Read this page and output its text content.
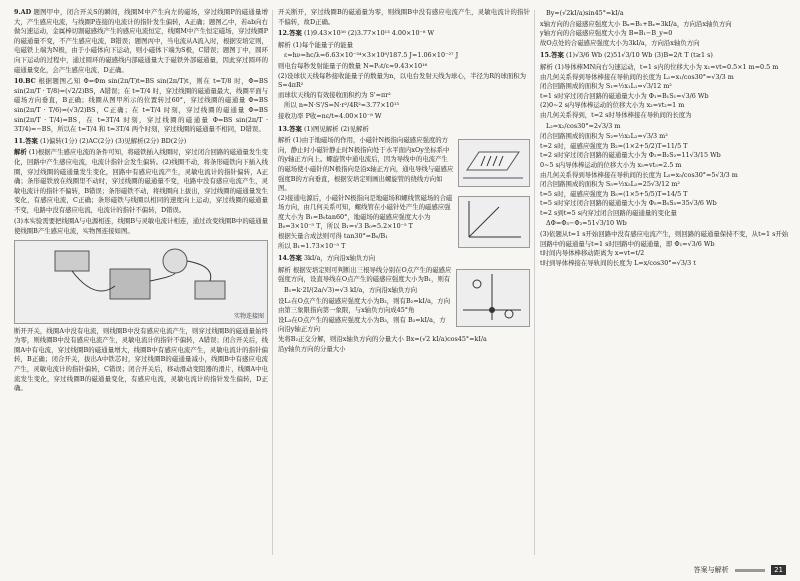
9.AD 题图甲中，闭合开关S的瞬间，线圈M中产生向左的磁场，穿过线圈P的磁通量增大，产生感应电流，与线圈P连接的电流计的指针发生偏转，A正确；题图乙中，若ab向右做匀速运动，金属棒切割磁感线产生的感应电流恒定，线圈M中产生恒定磁场，穿过线圈P的磁通量不变，不产生感应电流，B错误；题图丙中，当电流从A流入时，根据安培定则，电磁铁上端为N极，由于小磁体向下运动，则小磁体下端为S极，C错误；题图丁中，圆环向下运动的过程中，通过圆环的磁感线内部磁通量大于磁铁外部磁通量，因此穿过圆环的磁通量变化，会产生感应电流，D正确。

10.BC 根据题图乙知 Φ=Φm sin(2π/T)t=BS sin(2π/T)t，则在 t=T/8 时，Φ=BS sin(2π/T · T/8)=(√2/2)BS，A错误；在 t=T/4 时，穿过线圈的磁通量最大，线圈平面与磁场方向垂直，B正确；线圈从图甲所示的位置转过60°，穿过线圈的磁通量 Φ=BS sin(2π/T · T/6)=(√3/2)BS，C正确；在 t=T/4 时刻，穿过线圈的磁通量 Φ=BS sin(2π/T · T/4)=BS，在 t=3T/4 时刻，穿过线圈的磁通量 Φ=BS sin(2π/T · 3T/4)=−BS，所以在 t=T/4 和 t=3T/4 两个时刻，穿过线圈的磁通量不相同，D错误。

11.答案 (1)偏转(1分) (2)AC(2分) (3)见解析(2分) BD(2分)

解析 (1)根据产生感应电流的条件可知，将磁铁插入线圈时，穿过闭合回路的磁通量发生变化，回路中产生感应电流，电流计指针会发生偏转。(2)线圈不动，将条形磁铁向下插入线圈，穿过线圈的磁通量发生变化，回路中有感应电流产生，灵敏电流计的指针偏转，A正确；条形磁铁放在线圈里不动时，穿过线圈的磁通量不变，电路中没有感应电流产生，灵敏电流计的指针不偏转，B错误；条形磁铁不动，将线圈向上拔出，穿过线圈的磁通量发生变化，有感应电流，C正确；条形磁铁与线圈以相同的速度向上运动，穿过线圈的磁通量不变，电路中没有感应电流，电流计的指针不偏转，D错误。

(3)本实验需要把线圈A与电源相连，线圈B与灵敏电流计相连，通过改变线圈B中的磁通量使线圈B产生感应电流，实物图连接如图。

实物连接图

断开开关，线圈A中没有电流，则线圈B中没有感应电流产生，则穿过线圈B的磁通量始终为零，则线圈B中没有感应电流产生，灵敏电流计的指针不偏转，A错误；闭合开关后，线圈A中有电流，穿过线圈B的磁通量增大，线圈B中有感应电流产生，灵敏电流计的指针偏转，B正确；闭合开关，拔出A中铁芯时，穿过线圈B的磁通量减小，线圈B中有感应电流产生，灵敏电流计的指针偏转，C错误；闭合开关后，移动滑动变阻器的滑片，线圈A中电流发生变化，穿过线圈B的磁通量变化，有感应电流，灵敏电流计的指针发生偏转，D正确。

开关断开，穿过线圈B的磁通量为零，则线圈B中没有感应电流产生，灵敏电流计的指针不偏转，故D正确。

12.答案 (1)9.43×10¹⁶ (2)3.77×10¹³ 4.00×10⁻⁸ W

解析 (1)每个能量子的能量
ε=hν=hc/λ=6.63×10⁻³⁴×3×10⁸/187.5 J=1.06×10⁻²⁷ J
则电台每秒发射能量子的数量 N=P₀t/ε≈9.43×10¹⁶
(2)设球状天线每秒接收能量子的数量为n，以电台发射天线为球心，半径为R的球面积为 S=4πR²
而球状天线的有效接收面积约为 S'=πr²
所以 n=N·S'/S=N·r²/4R²≈3.77×10¹³
接收功率 P收=nε/t≈4.00×10⁻⁸ W

13.答案 (1)图见解析 (2)见解析

解析 (1)由于地磁场的作用，小磁针N极指向磁感应强度的方向，静止时小磁针静止时N极指向处于水平面内xOy坐标系中的y轴正方向上。螺旋管中通电流后，因为导线中的电流产生的磁场使小磁针的N极指向是沿x轴正方向，通电导线与磁感应强度B的方向垂直，根据安培定则画出螺旋管的绕线方向如图。
(2)接通电源后，小磁针N极指向是地磁场和螺线管磁场的合磁场方向，由几何关系可知，螺线管在小磁针处产生的磁感应强度大小为 B₁=B₀tan60°，地磁场的磁感应强度大小为B₀=3×10⁻⁵ T，所以 B₁=√3 B₀≈5.2×10⁻⁵ T
根据矢量合成法则可得 tan30°=B₀/B₁
所以 B₁=1.73×10⁻⁵ T

14.答案 3kI/a，方向沿x轴负方向

解析 根据安培定则可判断出三根导线分别在O点产生的磁感应强度方向，设直导线在O点产生的磁感应强度大小为B₁，则有
B₁=k·2I/(2a/√3)=√3 kI/a，方向沿x轴负方向
设L₁在O点产生的磁感应强度大小为B₂，则有B₂=kI/a，方向由第三象限指向第一象限，与x轴负方向成45°角
设L₃在O点产生的磁感应强度大小为B₃，则有 B₃=kI/a，方向沿y轴正方向
先将B₂正交分解，则沿x轴负方向的分量大小 Bx=(√2 kI/a)cos45°=kI/a
沿y轴负方向的分量大小
By=(√2kI/a)sin45°=kI/a
x轴方向的合磁感应强度大小 Bₓ=B₁+Bₓ=3kI/a，方向沿x轴负方向
y轴方向的合磁感应强度大小为 B=B₁−B_y=0
故O点处的合磁感应强度大小为3kI/a，方向沿x轴负方向

15.答案 (1)√3/6 Wb (2)51√3/10 Wb (3)B=2/t T (t≥1 s)

解析 (1)导体棒MN向右匀速运动，t=1 s内的位移大小为 x₁=vt=0.5×1 m=0.5 m
由几何关系得到导体棒接在导轨间的长度为 L₁=x₁/cos30°=√3/3 m
闭合回路围成的面积为 S₁=½x₁L₁=√3/12 m²
t=1 s时穿过闭合回路的磁通量大小为 Φ₁=B₁S₁=√3/6 Wb
(2)0~2 s内导体棒运动的位移大小为 x₂=vt₂=1 m
由几何关系得到，t=2 s时导体棒接在导轨间的长度为
L₂=x₂/cos30°=2√3/3 m
闭合回路围成的面积为 S₂=½x₂L₂=√3/3 m²
t=2 s时，磁感应强度为 B₂=(1×2+5/2)T=11/5 T
t=2 s时穿过闭合回路的磁通量大小为 Φ₂=B₂S₂=11√3/15 Wb
0~5 s内导体棒运动的位移大小为 x₅=vt₅=2.5 m
由几何关系得到导体棒接在导轨间的长度为 L₅=x₅/cos30°=5√3/3 m
闭合回路围成的面积为 S₅=½x₅L₅=25√3/12 m²
t=5 s时，磁感应强度为 B₅=(1×5+5/5)T=14/5 T
t=5 s时穿过闭合回路的磁通量大小为 Φ₅=B₅S₅=35√3/6 Wb
t=2 s到t=5 s内穿过闭合回路的磁通量的变化量
ΔΦ=Φ₅−Φ₂=51√3/10 Wb
(3)依题从t=1 s开始回路中没有感应电流产生，则回路的磁通量保持不变，从t=1 s开始回路中的磁通量与t=1 s时回路中的磁通量，即 Φ₁=√3/6 Wb
t时间内导体棒移动距离为 x=vt=t/2
t时到导体棒接在导轨间的长度为 L=x/cos30°=√3/3 t
答案与解析	21
